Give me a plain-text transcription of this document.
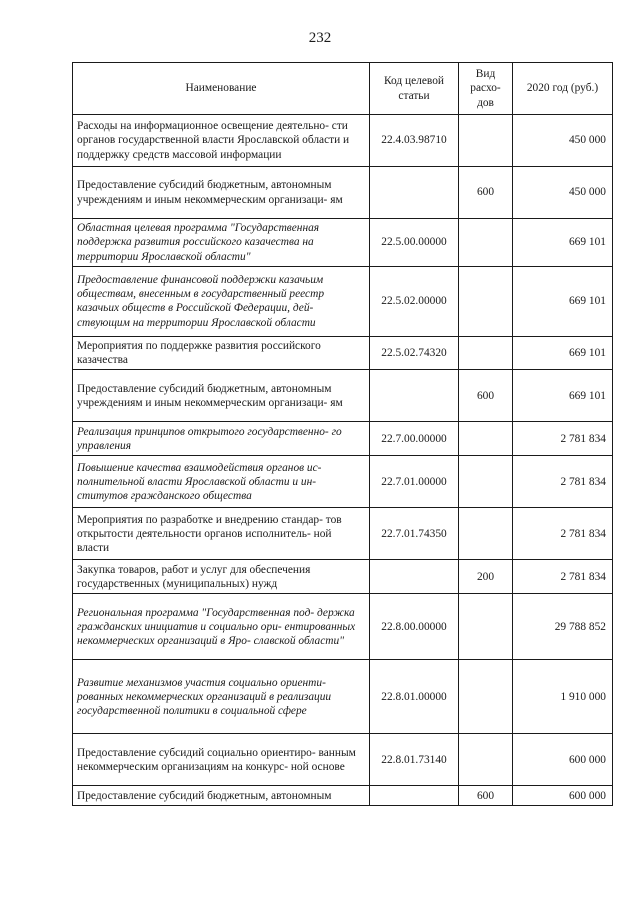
232
Наименование	Код целевой статьи	Вид расхо- дов	2020 год (руб.)
Расходы на информационное освещение деятельно- сти органов государственной власти Ярославской области и поддержку средств массовой информации	22.4.03.98710		450 000
Предоставление субсидий бюджетным, автономным учреждениям и иным некоммерческим организаци- ям		600	450 000
Областная целевая программа "Государственная поддержка развития российского казачества на территории Ярославской области"	22.5.00.00000		669 101
Предоставление финансовой поддержки казачьим обществам, внесенным в государственный реестр казачьих обществ в Российской Федерации, дей- ствующим на территории Ярославской области	22.5.02.00000		669 101
Мероприятия по поддержке развития российского казачества	22.5.02.74320		669 101
Предоставление субсидий бюджетным, автономным учреждениям и иным некоммерческим организаци- ям		600	669 101
Реализация принципов открытого государственно- го управления	22.7.00.00000		2 781 834
Повышение качества взаимодействия органов ис- полнительной власти Ярославской области и ин- ститутов гражданского общества	22.7.01.00000		2 781 834
Мероприятия по разработке и внедрению стандар- тов открытости деятельности органов исполнитель- ной власти	22.7.01.74350		2 781 834
Закупка товаров, работ и услуг для обеспечения государственных (муниципальных) нужд		200	2 781 834
Региональная программа "Государственная под- держка гражданских инициатив и социально ори- ентированных некоммерческих организаций в Яро- славской области"	22.8.00.00000		29 788 852
Развитие механизмов участия социально ориенти- рованных некоммерческих организаций в реализации государственной политики в социальной сфере	22.8.01.00000		1 910 000
Предоставление субсидий социально ориентиро- ванным некоммерческим организациям на конкурс- ной основе	22.8.01.73140		600 000
Предоставление субсидий бюджетным, автономным		600	600 000
